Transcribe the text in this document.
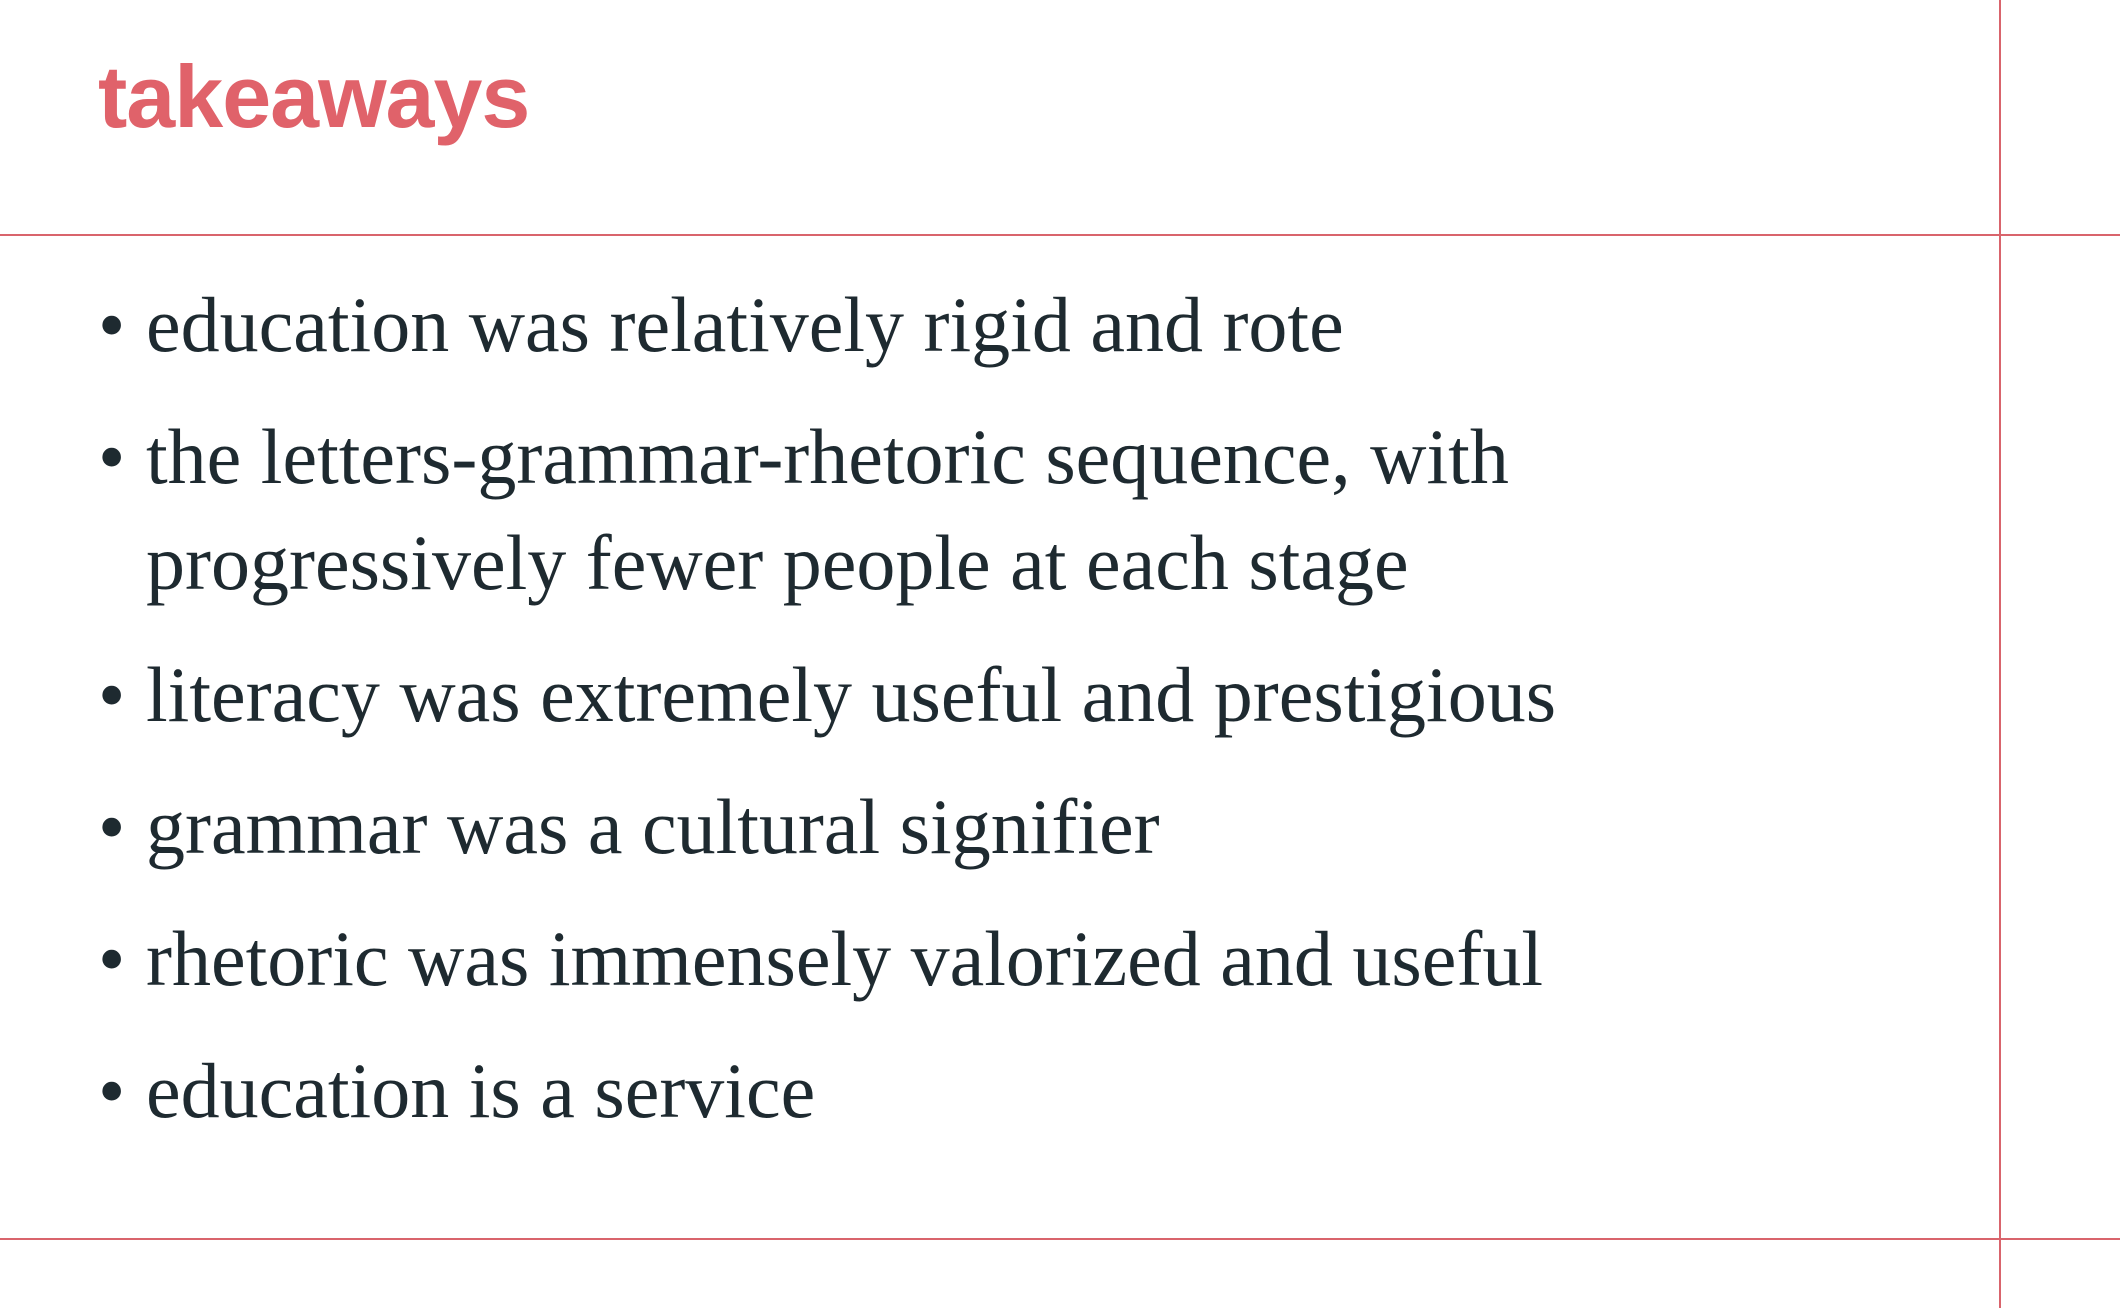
takeaways
• education was relatively rigid and rote
• the letters-grammar-rhetoric sequence, with progressively fewer people at each stage
• literacy was extremely useful and prestigious
• grammar was a cultural signifier
• rhetoric was immensely valorized and useful
• education is a service
